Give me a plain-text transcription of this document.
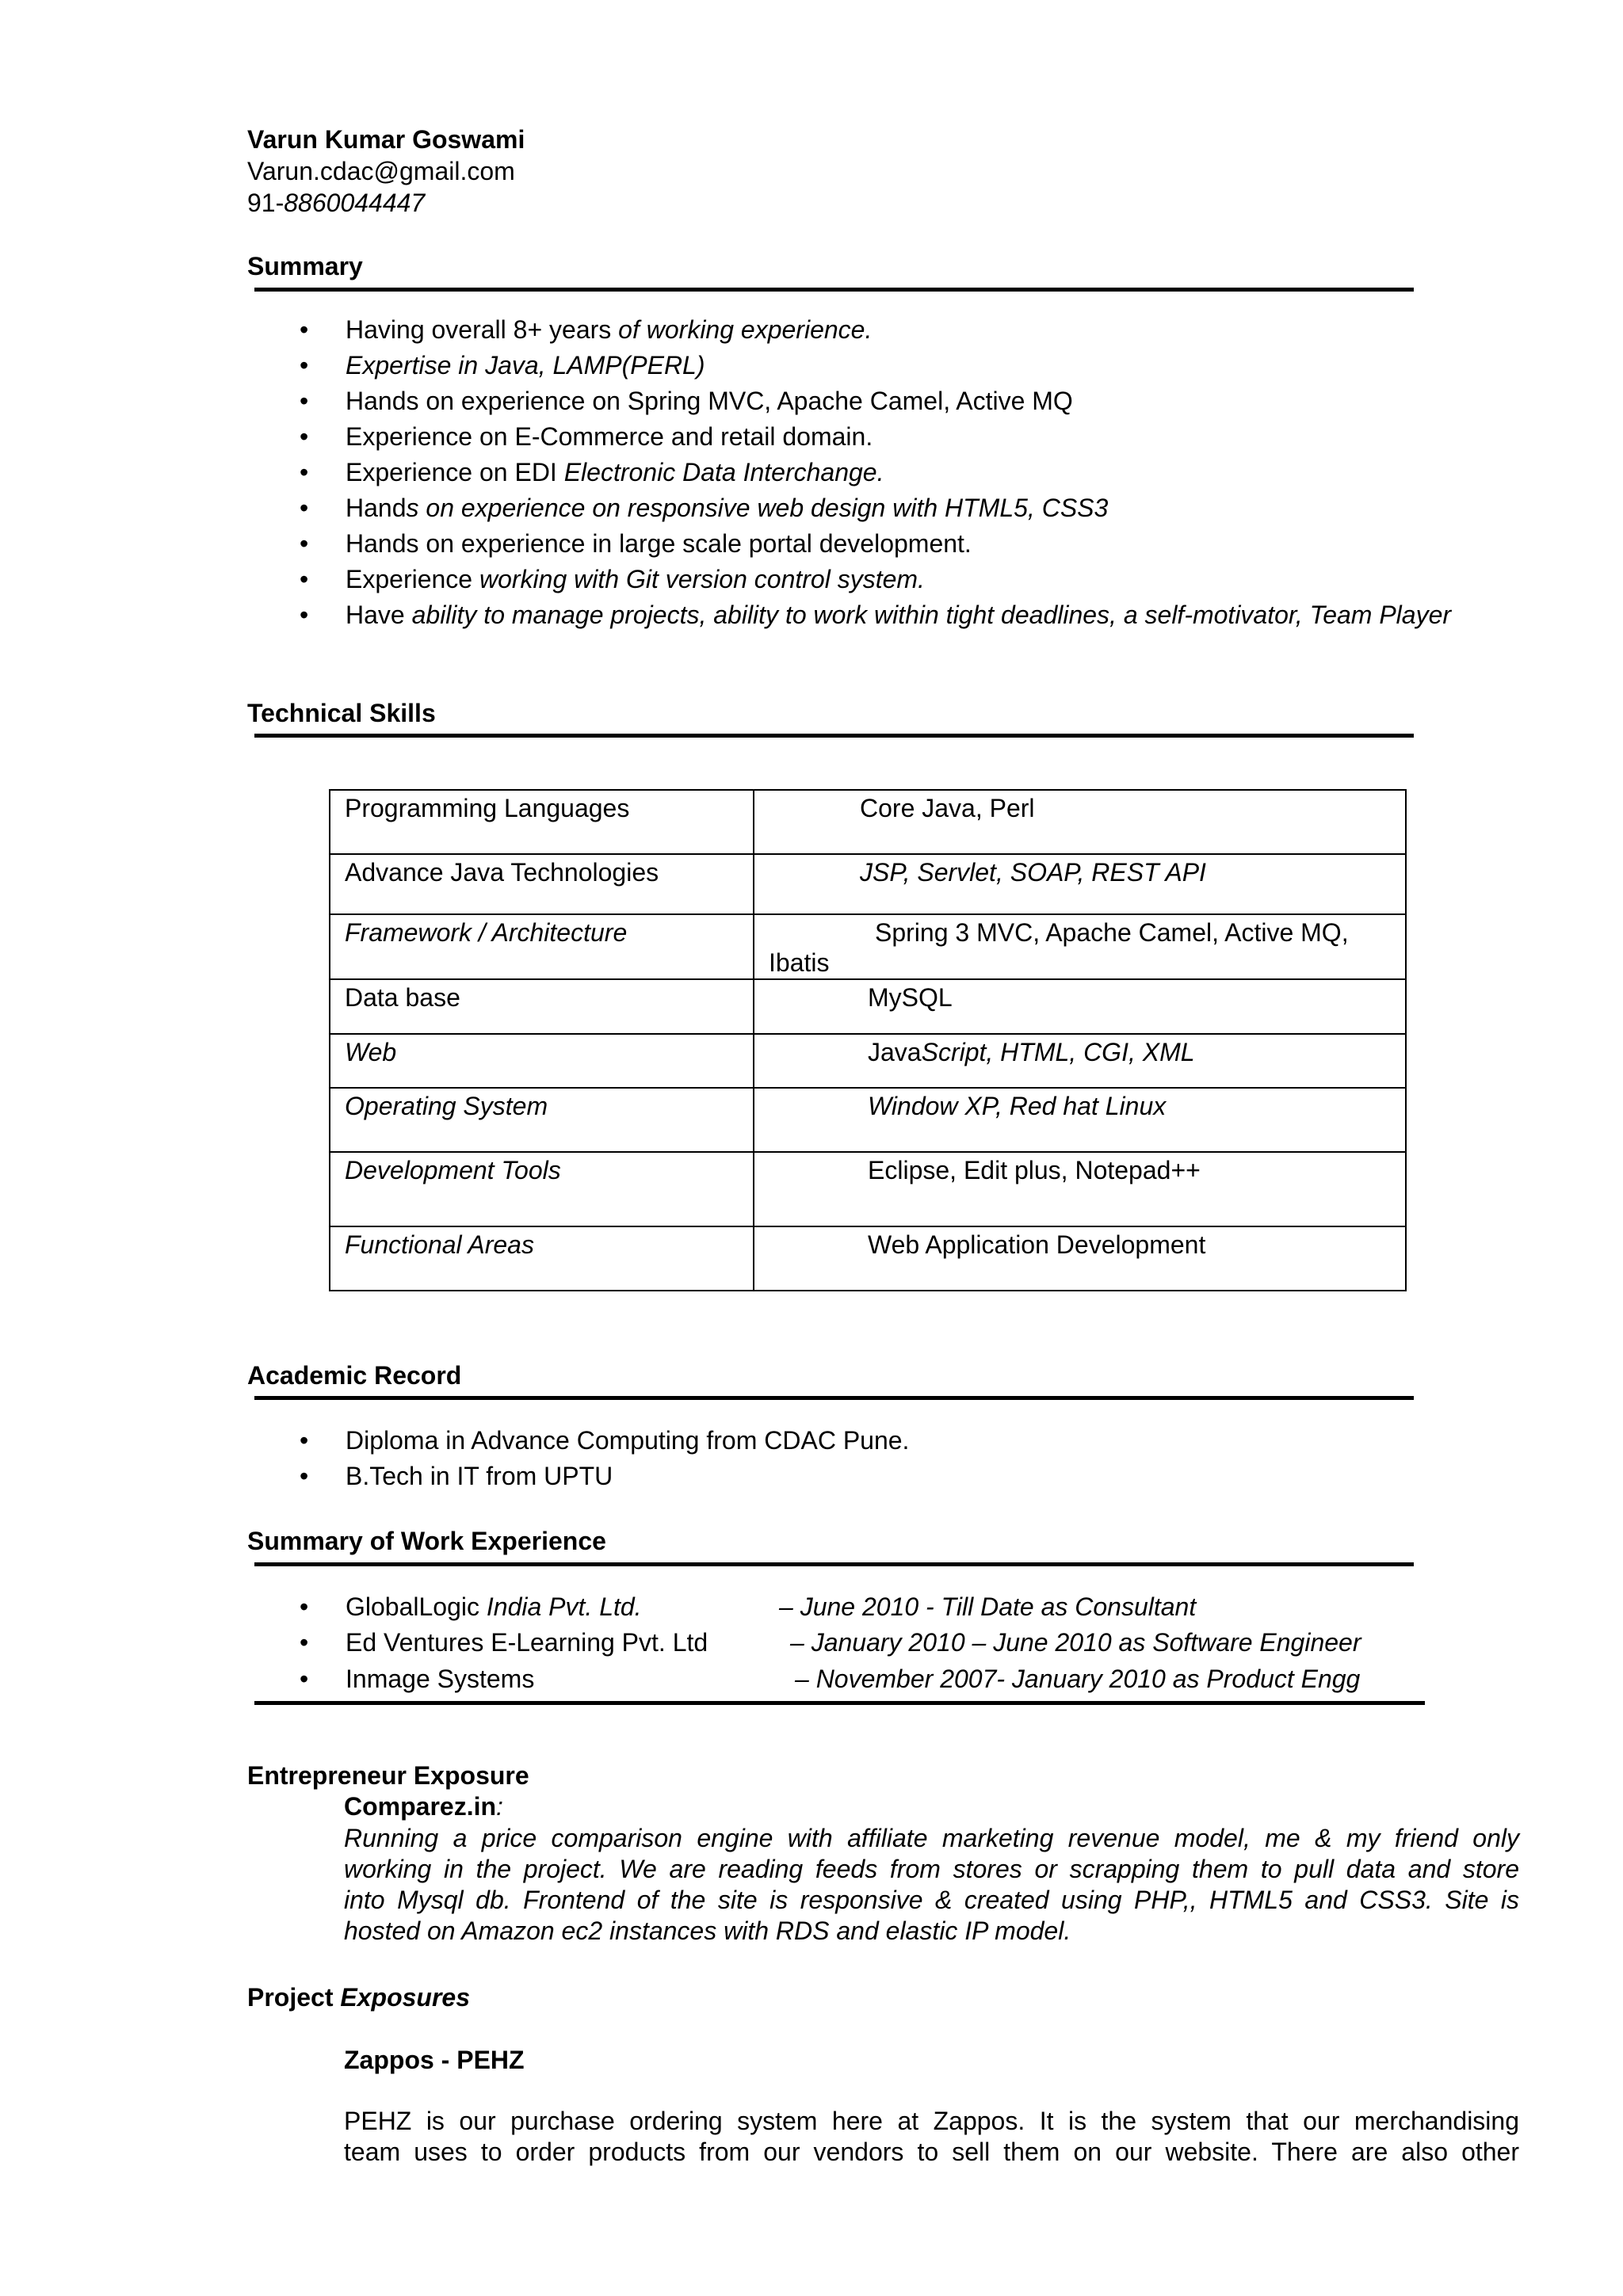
Varun Kumar Goswami
Varun.cdac@gmail.com
91-8860044447
Summary
• Having overall 8+ years of working experience.
• Expertise in Java, LAMP(PERL)
• Hands on experience on Spring MVC, Apache Camel, Active MQ
• Experience on E-Commerce and retail domain.
• Experience on EDI Electronic Data Interchange.
• Hands on experience on responsive web design with HTML5, CSS3
• Hands on experience in large scale portal development.
• Experience working with Git version control system.
• Have ability to manage projects, ability to work within tight deadlines, a self-motivator, Team Player
Technical Skills
Programming Languages	Core Java, Perl

Advance Java Technologies	JSP, Servlet, SOAP, REST API

Framework / Architecture	Spring 3 MVC, Apache Camel, Active MQ,
Ibatis

Data base	MySQL

Web	JavaScript, HTML, CGI, XML

Operating System	Window XP, Red hat Linux

Development Tools	Eclipse, Edit plus, Notepad++

Functional Areas	Web Application Development
Academic Record
• Diploma in Advance Computing from CDAC Pune.
• B.Tech in IT from UPTU
Summary of Work Experience
• GlobalLogic India Pvt. Ltd.	– June 2010 - Till Date as Consultant
• Ed Ventures E-Learning Pvt. Ltd	– January 2010 – June 2010 as Software Engineer
• Inmage Systems	– November 2007- January 2010 as Product Engg
Entrepreneur Exposure
Comparez.in:
Running a price comparison engine with affiliate marketing revenue model, me & my friend only
working in the project. We are reading feeds from stores or scrapping them to pull data and store
into Mysql db. Frontend of the site is responsive & created using PHP,, HTML5 and CSS3. Site is
hosted on Amazon ec2 instances with RDS and elastic IP model.
Project Exposures
Zappos - PEHZ
PEHZ is our purchase ordering system here at Zappos. It is the system that our merchandising
team uses to order products from our vendors to sell them on our website. There are also other
